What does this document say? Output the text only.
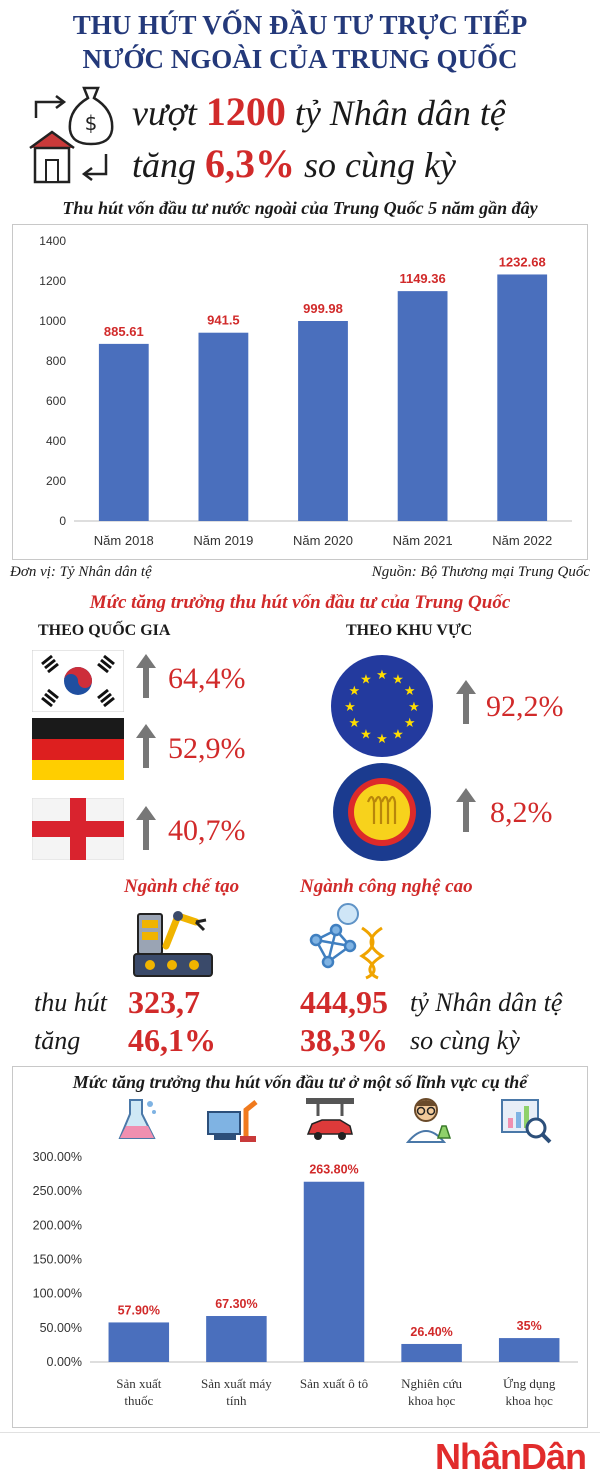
THU HÚT VỐN ĐẦU TƯ TRỰC TIẾP
NƯỚC NGOÀI CỦA TRUNG QUỐC
$ vượt 1200 tỷ Nhân dân tệ
tăng 6,3% so cùng kỳ
Thu hút vốn đầu tư nước ngoài của Trung Quốc 5 năm gần đây
0
200
400
600
800
1000
1200
1400
885.61
Năm 2018
941.5
Năm 2019
999.98
Năm 2020
1149.36
Năm 2021
1232.68
Năm 2022
Đơn vị: Tỷ Nhân dân tệ	Nguồn: Bộ Thương mại Trung Quốc
Mức tăng trưởng thu hút vốn đầu tư của Trung Quốc
THEO QUỐC GIA	THEO KHU VỰC
64,4%
52,9%
40,7%
★ ★
★
★
★
★
★
★
★
★
★
★
92,2%
8,2%
Ngành chế tạo	Ngành công nghệ cao
thu hút 323,7	444,95 tỷ Nhân dân tệ
tăng 46,1%	38,3% so cùng kỳ
Mức tăng trưởng thu hút vốn đầu tư ở một số lĩnh vực cụ thể
0.00%
50.00%
100.00%
150.00%
200.00%
250.00%
300.00%
57.90%
Sản xuất
thuốc
67.30%
Sản xuất máy
tính
263.80%
Sản xuất ô tô
26.40%
Nghiên cứu
khoa học
35%
Ứng dụng
khoa học
NhânDân
